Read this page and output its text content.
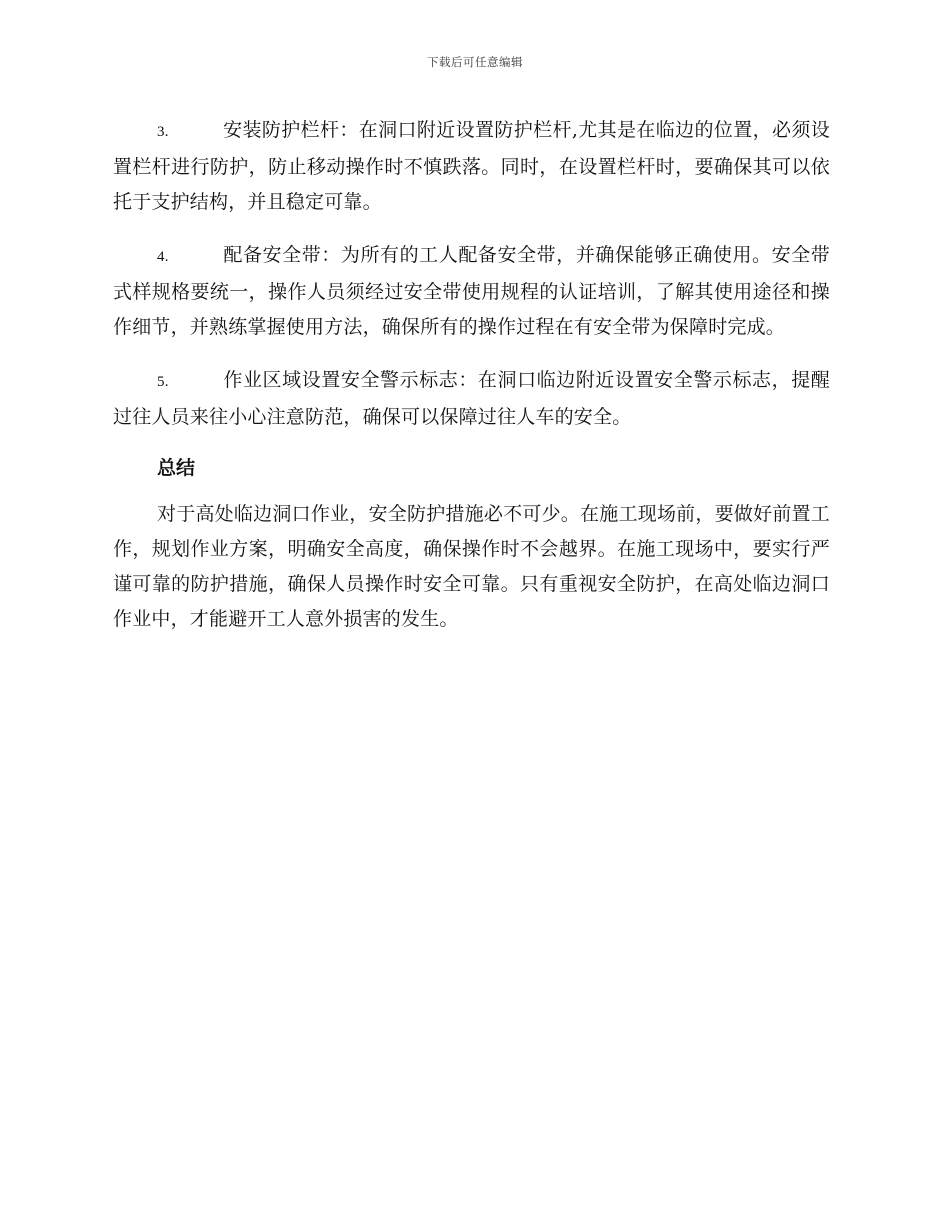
下载后可任意编辑

3.	安装防护栏杆：在洞口附近设置防护栏杆,尤其是在临边的位置，必须设置栏杆进行防护，防止移动操作时不慎跌落。同时，在设置栏杆时，要确保其可以依托于支护结构，并且稳定可靠。

4.	配备安全带：为所有的工人配备安全带，并确保能够正确使用。安全带式样规格要统一，操作人员须经过安全带使用规程的认证培训，了解其使用途径和操作细节，并熟练掌握使用方法，确保所有的操作过程在有安全带为保障时完成。

5.	作业区域设置安全警示标志：在洞口临边附近设置安全警示标志，提醒过往人员来往小心注意防范，确保可以保障过往人车的安全。

总结

对于高处临边洞口作业，安全防护措施必不可少。在施工现场前，要做好前置工作，规划作业方案，明确安全高度，确保操作时不会越界。在施工现场中，要实行严谨可靠的防护措施，确保人员操作时安全可靠。只有重视安全防护，在高处临边洞口作业中，才能避开工人意外损害的发生。
